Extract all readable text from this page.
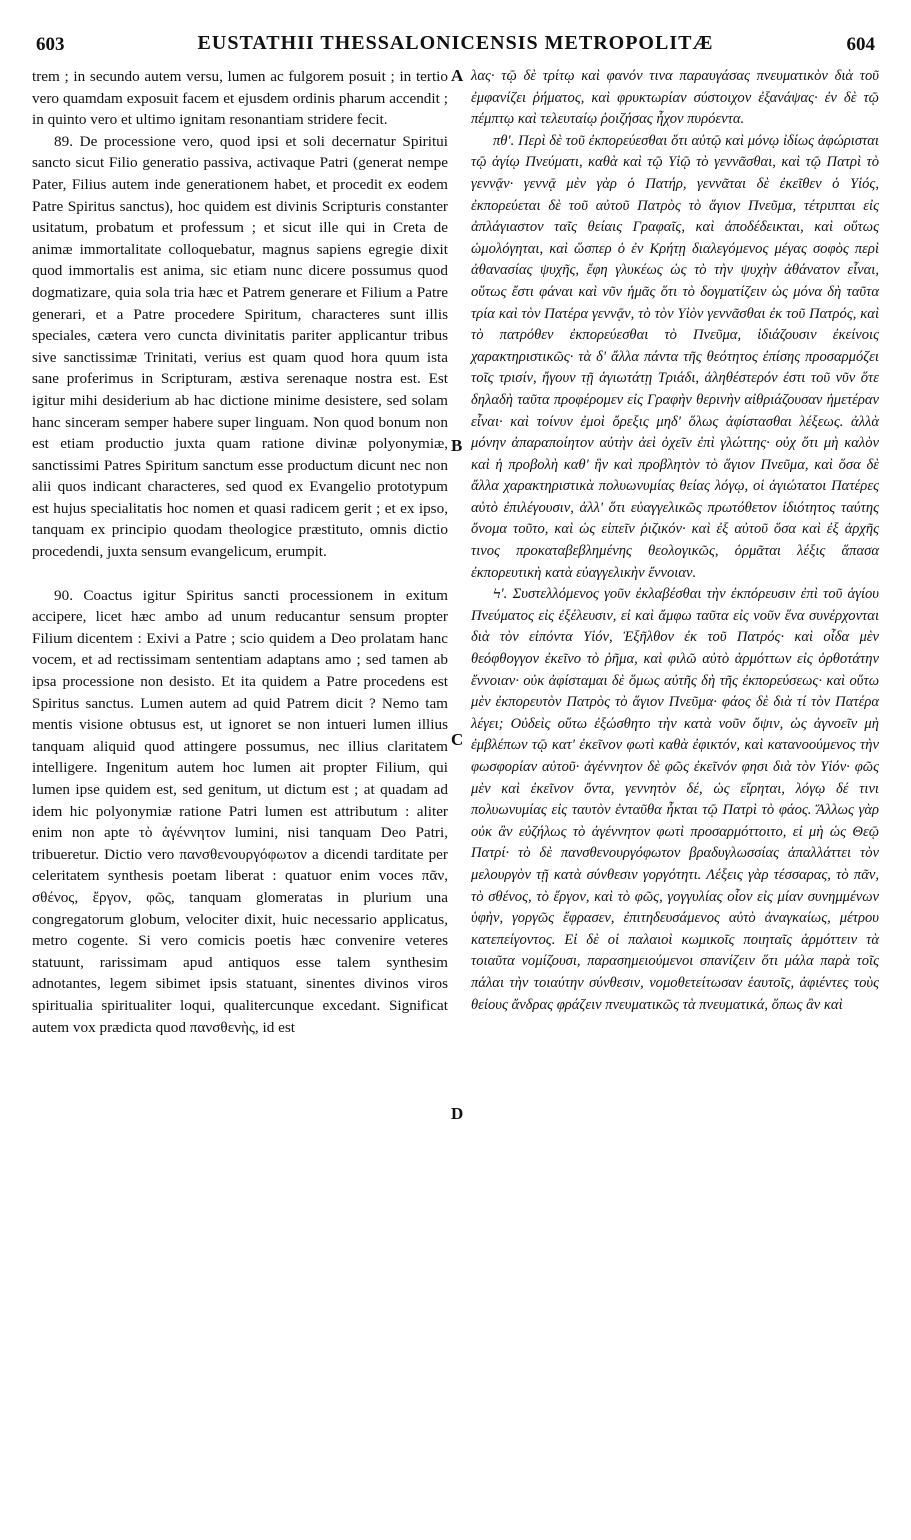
603	EUSTATHII THESSALONICENSIS METROPOLITÆ	604

trem ; in secundo autem versu, lumen ac fulgorem posuit ; in tertio vero quamdam exposuit facem et ejusdem ordinis pharum accendit ; in quinto vero et ultimo ignitam resonantiam stridere fecit.

89. De processione vero, quod ipsi et soli decernatur Spiritui sancto sicut Filio generatio passiva, activaque Patri (generat nempe Pater, Filius autem inde generationem habet, et procedit ex eodem Patre Spiritus sanctus), hoc quidem est divinis Scripturis constanter usitatum, probatum et professum ; et sicut ille qui in Creta de animæ immortalitate colloquebatur, magnus sapiens egregie dixit quod immortalis est anima, sic etiam nunc dicere possumus quod dogmatizare, quia sola tria hæc et Patrem generare et Filium a Patre generari, et a Patre procedere Spiritum, characteres sunt illis speciales, cætera vero cuncta divinitatis pariter applicantur tribus sive sanctissimæ Trinitati, verius est quam quod hora quum ista sane proferimus in Scripturam, æstiva serenaque nostra est. Est igitur mihi desiderium ab hac dictione minime desistere, sed solam hanc sinceram semper habere super linguam. Non quod bonum non est etiam productio juxta quam ratione divinæ polyonymiæ, sanctissimi Patres Spiritum sanctum esse productum dicunt nec non alii quos indicant characteres, sed quod ex Evangelio prototypum est hujus specialitatis hoc nomen et quasi radicem gerit ; et ex ipso, tanquam ex principio quodam theologice præstituto, omnis dictio procedendi, juxta sensum evangelicum, erumpit.

90. Coactus igitur Spiritus sancti processionem in exitum accipere, licet hæc ambo ad unum reducantur sensum propter Filium dicentem : Exivi a Patre ; scio quidem a Deo prolatam hanc vocem, et ad rectissimam sententiam adaptans amo ; sed tamen ab ipsa processione non desisto. Et ita quidem a Patre procedens est Spiritus sanctus. Lumen autem ad quid Patrem dicit ? Nemo tam mentis visione obtusus est, ut ignoret se non intueri lumen illius tanquam aliquid quod attingere possumus, nec illius claritatem intelligere. Ingenitum autem hoc lumen ait propter Filium, qui lumen ipse quidem est, sed genitum, ut dictum est ; at quadam ad idem hic polyonymiæ ratione Patri lumen est attributum : aliter enim non apte τὸ ἀγέννητον lumini, nisi tanquam Deo Patri, tribueretur. Dictio vero πανσθενουργόφωτον a dicendi tarditate per celeritatem synthesis poetam liberat : quatuor enim voces πᾶν, σθένος, ἔργον, φῶς, tanquam glomeratas in plurium una congregatorum globum, velociter dixit, huic necessario applicatus, metro cogente. Si vero comicis poetis hæc convenire veteres statuunt, rarissimam apud antiquos esse talem synthesim adnotantes, legem sibimet ipsis statuant, sinentes divinos viros spiritualia spiritualiter loqui, qualitercunque excedant. Significat autem vox prædicta quod πανσθενὴς, id est

A
B
C
D

λας· τῷ δὲ τρίτῳ καὶ φανόν τινα παραυγάσας πνευματικὸν διὰ τοῦ ἐμφανίζει ῥήματος, καὶ φρυκτωρίαν σύστοιχον ἐξανάψας· ἐν δὲ τῷ πέμπτῳ καὶ τελευταίῳ ῥοιζήσας ἦχον πυρόεντα.

πθʹ. Περὶ δὲ τοῦ ἐκπορεύεσθαι ὅτι αὐτῷ καὶ μόνῳ ἰδίως ἀφώρισται τῷ ἁγίῳ Πνεύματι, καθὰ καὶ τῷ Υἱῷ τὸ γεννᾶσθαι, καὶ τῷ Πατρὶ τὸ γεννᾷν· γεννᾷ μὲν γὰρ ὁ Πατήρ, γεννᾶται δὲ ἐκεῖθεν ὁ Υἱός, ἐκπορεύεται δὲ τοῦ αὐτοῦ Πατρὸς τὸ ἅγιον Πνεῦμα, τέτριπται εἰς ἀπλάγιαστον ταῖς θείαις Γραφαῖς, καὶ ἀποδέδεικται, καὶ οὕτως ὡμολόγηται, καὶ ὥσπερ ὁ ἐν Κρήτῃ διαλεγόμενος μέγας σοφὸς περὶ ἀθανασίας ψυχῆς, ἔφη γλυκέως ὡς τὸ τὴν ψυχὴν ἀθάνατον εἶναι, οὕτως ἔστι φάναι καὶ νῦν ἡμᾶς ὅτι τὸ δογματίζειν ὡς μόνα δὴ ταῦτα τρία καὶ τὸν Πατέρα γεννᾷν, τὸ τὸν Υἱὸν γεννᾶσθαι ἐκ τοῦ Πατρός, καὶ τὸ πατρόθεν ἐκπορεύεσθαι τὸ Πνεῦμα, ἰδιάζουσιν ἐκείνοις χαρακτηριστικῶς· τὰ δ' ἄλλα πάντα τῆς θεότητος ἐπίσης προσαρμόζει τοῖς τρισίν, ἤγουν τῇ ἁγιωτάτῃ Τριάδι, ἀληθέστερόν ἐστι τοῦ νῦν ὅτε δηλαδὴ ταῦτα προφέρομεν εἰς Γραφὴν θερινὴν αἰθριάζουσαν ἡμετέραν εἶναι· καὶ τοίνυν ἐμοὶ ὄρεξις μηδ' ὅλως ἀφίστασθαι λέξεως. ἀλλὰ μόνην ἀπαραποίητον αὐτὴν ἀεὶ ὀχεῖν ἐπὶ γλώττης· οὐχ ὅτι μὴ καλὸν καὶ ἡ προβολὴ καθ' ἣν καὶ προβλητὸν τὸ ἅγιον Πνεῦμα, καὶ ὅσα δὲ ἄλλα χαρακτηριστικὰ πολυωνυμίας θείας λόγῳ, οἱ ἁγιώτατοι Πατέρες αὐτὸ ἐπιλέγουσιν, ἀλλ' ὅτι εὐαγγελικῶς πρωτόθετον ἰδιότητος ταύτης ὄνομα τοῦτο, καὶ ὡς εἰπεῖν ῥιζικόν· καὶ ἐξ αὐτοῦ ὅσα καὶ ἐξ ἀρχῆς τινος προκαταβεβλημένης θεολογικῶς, ὁρμᾶται λέξις ἅπασα ἐκπορευτικὴ κατὰ εὐαγγελικὴν ἔννοιαν.

Ϟʹ. Συστελλόμενος γοῦν ἐκλαβέσθαι τὴν ἐκπόρευσιν ἐπὶ τοῦ ἁγίου Πνεύματος εἰς ἐξέλευσιν, εἰ καὶ ἄμφω ταῦτα εἰς νοῦν ἕνα συνέρχονται διὰ τὸν εἰπόντα Υἱόν, Ἐξῆλθον ἐκ τοῦ Πατρός· καὶ οἶδα μὲν θεόφθογγον ἐκεῖνο τὸ ῥῆμα, καὶ φιλῶ αὐτὸ ἁρμόττων εἰς ὀρθοτάτην ἔννοιαν· οὐκ ἀφίσταμαι δὲ ὅμως αὐτῆς δὴ τῆς ἐκπορεύσεως· καὶ οὕτω μὲν ἐκπορευτὸν Πατρὸς τὸ ἅγιον Πνεῦμα· φάος δὲ διὰ τί τὸν Πατέρα λέγει; Οὐδεὶς οὕτω ἐξώσθητο τὴν κατὰ νοῦν ὄψιν, ὡς ἀγνοεῖν μὴ ἐμβλέπων τῷ κατ' ἐκεῖνον φωτὶ καθὰ ἐφικτόν, καὶ κατανοούμενος τὴν φωσφορίαν αὐτοῦ· ἀγέννητον δὲ φῶς ἐκεῖνόν φησι διὰ τὸν Υἱόν· φῶς μὲν καὶ ἐκεῖνον ὄντα, γεννητὸν δέ, ὡς εἴρηται, λόγῳ δέ τινι πολυωνυμίας εἰς ταυτὸν ἐνταῦθα ἧκται τῷ Πατρὶ τὸ φάος. Ἄλλως γὰρ οὐκ ἂν εὐζήλως τὸ ἀγέννητον φωτὶ προσαρμόττοιτο, εἰ μὴ ὡς Θεῷ Πατρί· τὸ δὲ πανσθενουργόφωτον βραδυγλωσσίας ἀπαλλάττει τὸν μελουργὸν τῇ κατὰ σύνθεσιν γοργότητι. Λέξεις γὰρ τέσσαρας, τὸ πᾶν, τὸ σθένος, τὸ ἔργον, καὶ τὸ φῶς, γογγυλίας οἷον εἰς μίαν συνημμένων ὑφὴν, γοργῶς ἔφρασεν, ἐπιτηδευσάμενος αὐτὸ ἀναγκαίως, μέτρου κατεπείγοντος. Εἰ δὲ οἱ παλαιοὶ κωμικοῖς ποιηταῖς ἁρμόττειν τὰ τοιαῦτα νομίζουσι, παρασημειούμενοι σπανίζειν ὅτι μάλα παρὰ τοῖς πάλαι τὴν τοιαύτην σύνθεσιν, νομοθετείτωσαν ἑαυτοῖς, ἀφιέντες τοὺς θείους ἄνδρας φράζειν πνευματικῶς τὰ πνευματικά, ὅπως ἂν καὶ
